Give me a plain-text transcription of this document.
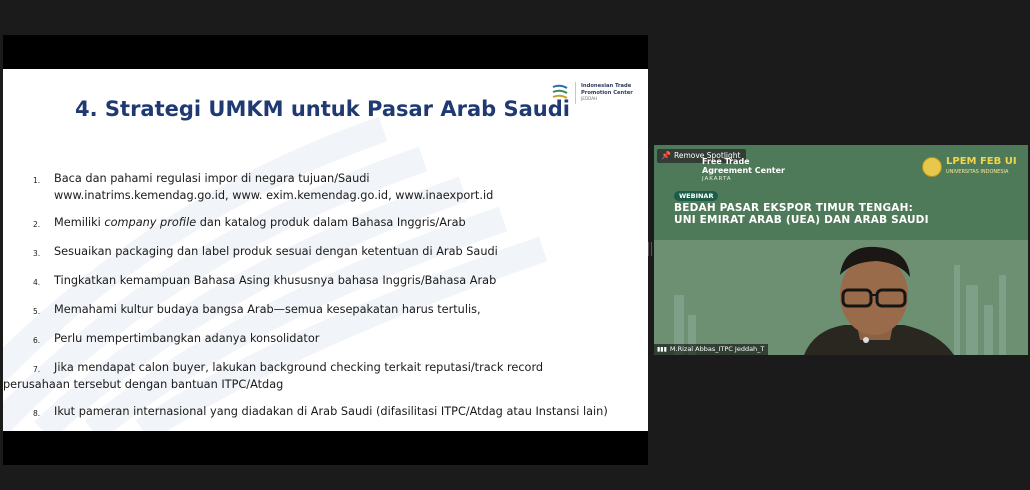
Indonesian Trade
Promotion Center
JEDDAH
4. Strategi UMKM untuk Pasar Arab Saudi
1. Baca dan pahami regulasi impor di negara tujuan/Saudi
www.inatrims.kemendag.go.id, www. exim.kemendag.go.id, www.inaexport.id
2. Memiliki company profile dan katalog produk dalam Bahasa Inggris/Arab
3. Sesuaikan packaging dan label produk sesuai dengan ketentuan di Arab Saudi
4. Tingkatkan kemampuan Bahasa Asing khususnya bahasa Inggris/Bahasa Arab
5. Memahami kultur budaya bangsa Arab—semua kesepakatan harus tertulis,
6. Perlu mempertimbangkan adanya konsolidator
7. Jika mendapat calon buyer, lakukan background checking terkait reputasi/track record
perusahaan tersebut dengan bantuan ITPC/Atdag
8. Ikut pameran internasional yang diadakan di Arab Saudi (difasilitasi ITPC/Atdag atau Instansi lain)
📌 Remove Spotlight
Free Trade
Agreement Center
JAKARTA
LPEM FEB UI
UNIVERSITAS INDONESIA
WEBINAR
BEDAH PASAR EKSPOR TIMUR TENGAH:
UNI EMIRAT ARAB (UEA) DAN ARAB SAUDI
▮▮▮ M.Rizal Abbas_ITPC Jeddah_T
